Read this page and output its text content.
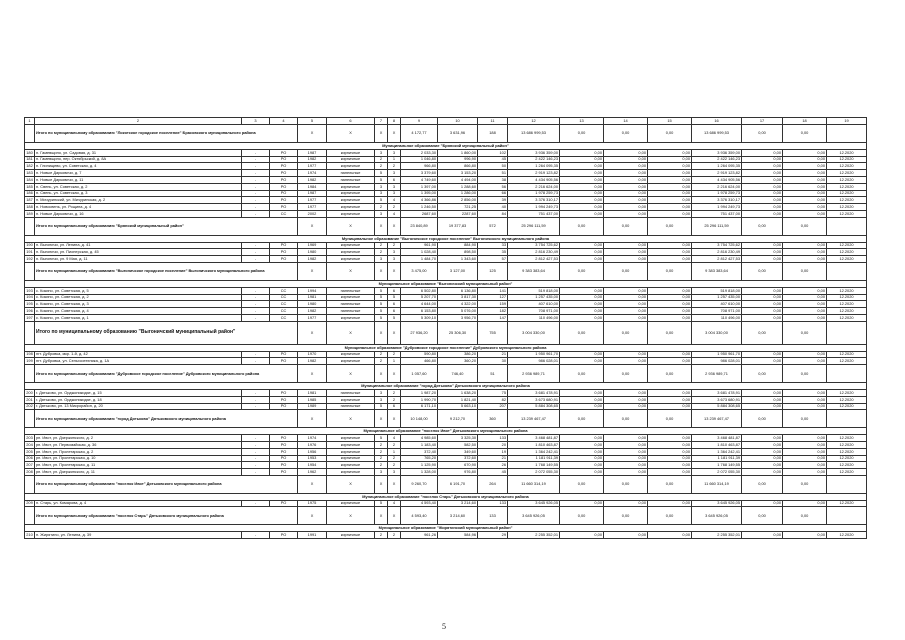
1	2	3	4	5	6	7	8	9	10	11	12	13	14	15	16	17	18	19
	Итого по муниципальному образованию "Локотское городское поселение" Брасовского муниципального района			X	X	X	X	4 172,77	3 631,96	188	13 686 999,53	0,00	0,00	0,00	13 686 999,53	0,00	0,00	
Муниципальное образование "Брянский муниципальный район"																		
180	п. Гамевщино, ул. Садовая, д. 31	-	РО	1987	кирпичные	3	3	2 033,30	1 860,00	102	3 936 359,00	0,00	0,00	0,00	3 936 359,00	0,00	0,00	12.2020
181	п. Гамевщино, пер. Октябрьский, д. 8А	-	РО	1982	кирпичные	2	1	1 046,80	996,90	45	2 422 146,23	0,00	0,00	0,00	2 422 146,23	0,00	0,00	12.2020
182	п. Глинищево, ул. Советская, д. 4	-	РО	1977	кирпичные	2	2	966,80	866,80	50	1 264 095,35	0,00	0,00	0,00	1 264 095,35	0,00	0,00	12.2020
183	п. Новые Дарковичи, д. 7	-	РО	1974	панельные	5	3	3 379,60	3 153,20	51	2 919 123,82	0,00	0,00	0,00	2 919 123,82	0,00	0,00	12.2020
184	п. Новые Дарковичи, д. 11	-	РО	1982	панельные	5	6	4 749,60	4 494,00	38	4 434 905,56	0,00	0,00	0,00	4 434 905,56	0,00	0,00	12.2020
185	п. Свень, ул. Советская, д. 2	-	РО	1984	кирпичные	3	3	1 397,00	1 288,60	56	2 216 624,00	0,00	0,00	0,00	2 216 624,00	0,00	0,00	12.2020
186	п. Свень, ул. Советская, д. 3	-	РО	1987	кирпичные	3	3	1 395,00	1 286,00	66	1 978 259,73	0,00	0,00	0,00	1 978 259,73	0,00	0,00	12.2020
187	п. Мичуринский, ул. Мичуринская, д. 2	-	РО	1977	кирпичные	5	4	4 366,86	2 856,00	39	3 376 310,17	0,00	0,00	0,00	3 376 310,17	0,00	0,00	12.2020
188	п. Новосвень, ул. Рощина, д. 4	-	РО	1977	кирпичные	2	2	1 246,50	721,25	40	1 994 249,73	0,00	0,00	0,00	1 994 249,73	0,00	0,00	12.2020
189	п. Новые Дарковичи, д. 16	-	СС	2002	кирпичные	3	4	2687,60	2287,60	84	751 437,00	0,00	0,00	0,00	751 437,00	0,00	0,00	12.2020
	Итого по муниципальному образованию "Брянский муниципальный район"			X	X	X	X	23 840,89	19 377,83	572	25 296 111,59	0,00	0,00	0,00	25 296 111,59	0,00	0,00	
Муниципальное образование "Выгоничское городское поселение" Выгоничского муниципального района																		
190	п. Выгоничи, ул. Ленина, д. 41	-	РО	1969	кирпичные	2	2	961,90	884,90	33	3 754 725,62	0,00	0,00	0,00	3 754 725,62	0,00	0,00	12.2020
191	п. Выгоничи, ул. Пионерская, д. 45	-	РО	1980	кирпичные	2	3	1 028,40	898,50	35	2 816 230,49	0,00	0,00	0,00	2 816 230,49	0,00	0,00	12.2020
192	п. Выгоничи, ул. 9 Мая, д. 11	-	РО	1982	кирпичные	3	3	1 484,70	1 343,60	57	2 812 427,53	0,00	0,00	0,00	2 812 427,53	0,00	0,00	12.2020
	Итого по муниципальному образованию "Выгоничское городское поселение" Выгоничского муниципального района			X	X	X	X	3 475,00	3 127,00	125	9 383 383,64	0,00	0,00	0,00	9 383 383,64	0,00	0,00	
Муниципальное образование "Выгоничский муниципальный район"																		
193	с. Кокино, ул. Советская, д. 5	-	СС	1994	панельные	5	6	6 502,80	6 136,80	141	519 818,00	0,00	0,00	0,00	519 818,00	0,00	0,00	12.2020
194	с. Кокино, ул. Советская, д. 2	-	СС	1981	кирпичные	5	5	5 207,70	3 817,30	127	1 257 435,00	0,00	0,00	0,00	1 257 435,00	0,00	0,00	12.2020
195	с. Кокино, ул. Советская, д. 3	-	СС	1980	панельные	5	6	4 644,00	4 322,00	159	407 610,00	0,00	0,00	0,00	407 610,00	0,00	0,00	12.2020
196	с. Кокино, ул. Советская, д. 4	-	СС	1982	панельные	5	6	6 153,80	5 076,00	182	708 971,00	0,00	0,00	0,00	708 971,00	0,00	0,00	12.2020
197	с. Кокино, ул. Советская, д. 1	-	СС	1977	кирпичные	5	5	5 309,10	3 956,70	147	110 496,00	0,00	0,00	0,00	110 496,00	0,00	0,00	12.2020
	Итого по муниципальному образованию "Выгоничский муниципальный район"			X	X	X	X	27 936,20	25 306,30	755	3 004 330,00	0,00	0,00	0,00	3 004 330,00	0,00	0,00	
Муниципальное образование "Дубровское городское поселение" Дубровского муниципального района																		
198	пгт. Дубровка, мкр. 1-й, д. 42	-	РО	1970	кирпичные	2	2	590,80	386,20	21	1 950 961,70	0,00	0,00	0,00	1 950 961,70	0,00	0,00	12.2020
199	пгт. Дубровка, ул. Сельхозтехника, д. 1А	-	РО	1982	кирпичные	2	1	466,80	360,20	30	986 028,01	0,00	0,00	0,00	986 028,01	0,00	0,00	12.2020
	Итого по муниципальному образованию "Дубровское городское поселение" Дубровского муниципального района			X	X	X	X	1 057,60	746,40	51	2 936 989,71	0,00	0,00	0,00	2 936 989,71	0,00	0,00	
Муниципальное образование "город Дятьково" Дятьковского муниципального района																		
200	г. Дятьково, ул. Орджоникидзе, д. 15	-	РО	1981	панельные	3	2	1 987,20	1 638,20	75	3 681 478,91	0,00	0,00	0,00	3 681 478,91	0,00	0,00	12.2020
201	г. Дятьково, ул. Орджоникидзе, д. 18	-	РО	1985	кирпичные	3	2	1 990,70	1 821,40	82	3 673 680,91	0,00	0,00	0,00	3 673 680,91	0,00	0,00	12.2020
202	г. Дятьково, ул. 13 Микрорайон, д. 20	-	РО	1989	панельные	5	6	6 171,10	5 663,10	207	5 884 308,65	0,00	0,00	0,00	5 884 308,65	0,00	0,00	12.2020
	Итого по муниципальному образованию "город Дятьково" Дятьковского муниципального района			X	X	X	X	10 148,00	9 212,70	360	13 239 467,47	0,00	0,00	0,00	13 239 467,47	0,00	0,00	
Муниципальное образование "поселок Ивот" Дятьковского муниципального района																		
203	рп. Ивот, ул. Дзержинского, д. 2	-	РО	1974	кирпичные	5	4	4 985,60	3 325,30	133	3 468 481,87	0,00	0,00	0,00	3 468 481,87	0,00	0,00	12.2020
204	рп. Ивот, ул. Первомайская, д. 36	-	РО	1976	кирпичные	2	2	1 183,40	582,50	20	1 810 463,87	0,00	0,00	0,00	1 810 463,87	0,00	0,00	12.2020
205	рп. Ивот, ул. Пролетарская, д. 2	-	РО	1956	кирпичные	2	1	372,40	349,60	19	1 364 242,41	0,00	0,00	0,00	1 364 242,41	0,00	0,00	12.2020
206	рп. Ивот, ул. Пролетарская, д. 10	-	РО	1953	кирпичные	2	2	765,20	372,60	21	1 181 911,39	0,00	0,00	0,00	1 181 911,39	0,00	0,00	12.2020
207	рп. Ивот, ул. Пролетарская, д. 11	-	РО	1954	кирпичные	2	2	1 125,90	670,90	26	1 768 149,55	0,00	0,00	0,00	1 768 149,55	0,00	0,00	12.2020
208	рп. Ивот, ул. Дзержинского, д. 11	-	РО	1962	кирпичные	3	3	1 328,00	976,80	45	2 072 055,30	0,00	0,00	0,00	2 072 055,30	0,00	0,00	12.2020
	Итого по муниципальному образованию "поселок Ивот" Дятьковского муниципального района			X	X	X	X	9 260,70	6 191,70	264	11 660 314,19	0,00	0,00	0,00	11 660 314,19	0,00	0,00	
Муниципальное образование "поселок Старь" Дятьковского муниципального района																		
209	п. Старь, ул. Комарова, д. 4	-	РО	1975	кирпичные	5	4	4 593,40	3 214,60	133	3 645 926,05	0,00	0,00	0,00	3 645 926,05	0,00	0,00	12.2020
	Итого по муниципальному образованию "поселок Старь" Дятьковского муниципального района			X	X	X	X	4 593,40	3 214,60	133	3 645 926,05	0,00	0,00	0,00	3 645 926,05	0,00	0,00	
Муниципальное образование "Жирятинский муниципальный район"																		
210	п. Жирятино, ул. Ленина, д. 39	-	РО	1991	кирпичные	2	2	961,26	584,96	29	2 255 352,01	0,00	0,00	0,00	2 255 352,01	0,00	0,00	12.2020
5
